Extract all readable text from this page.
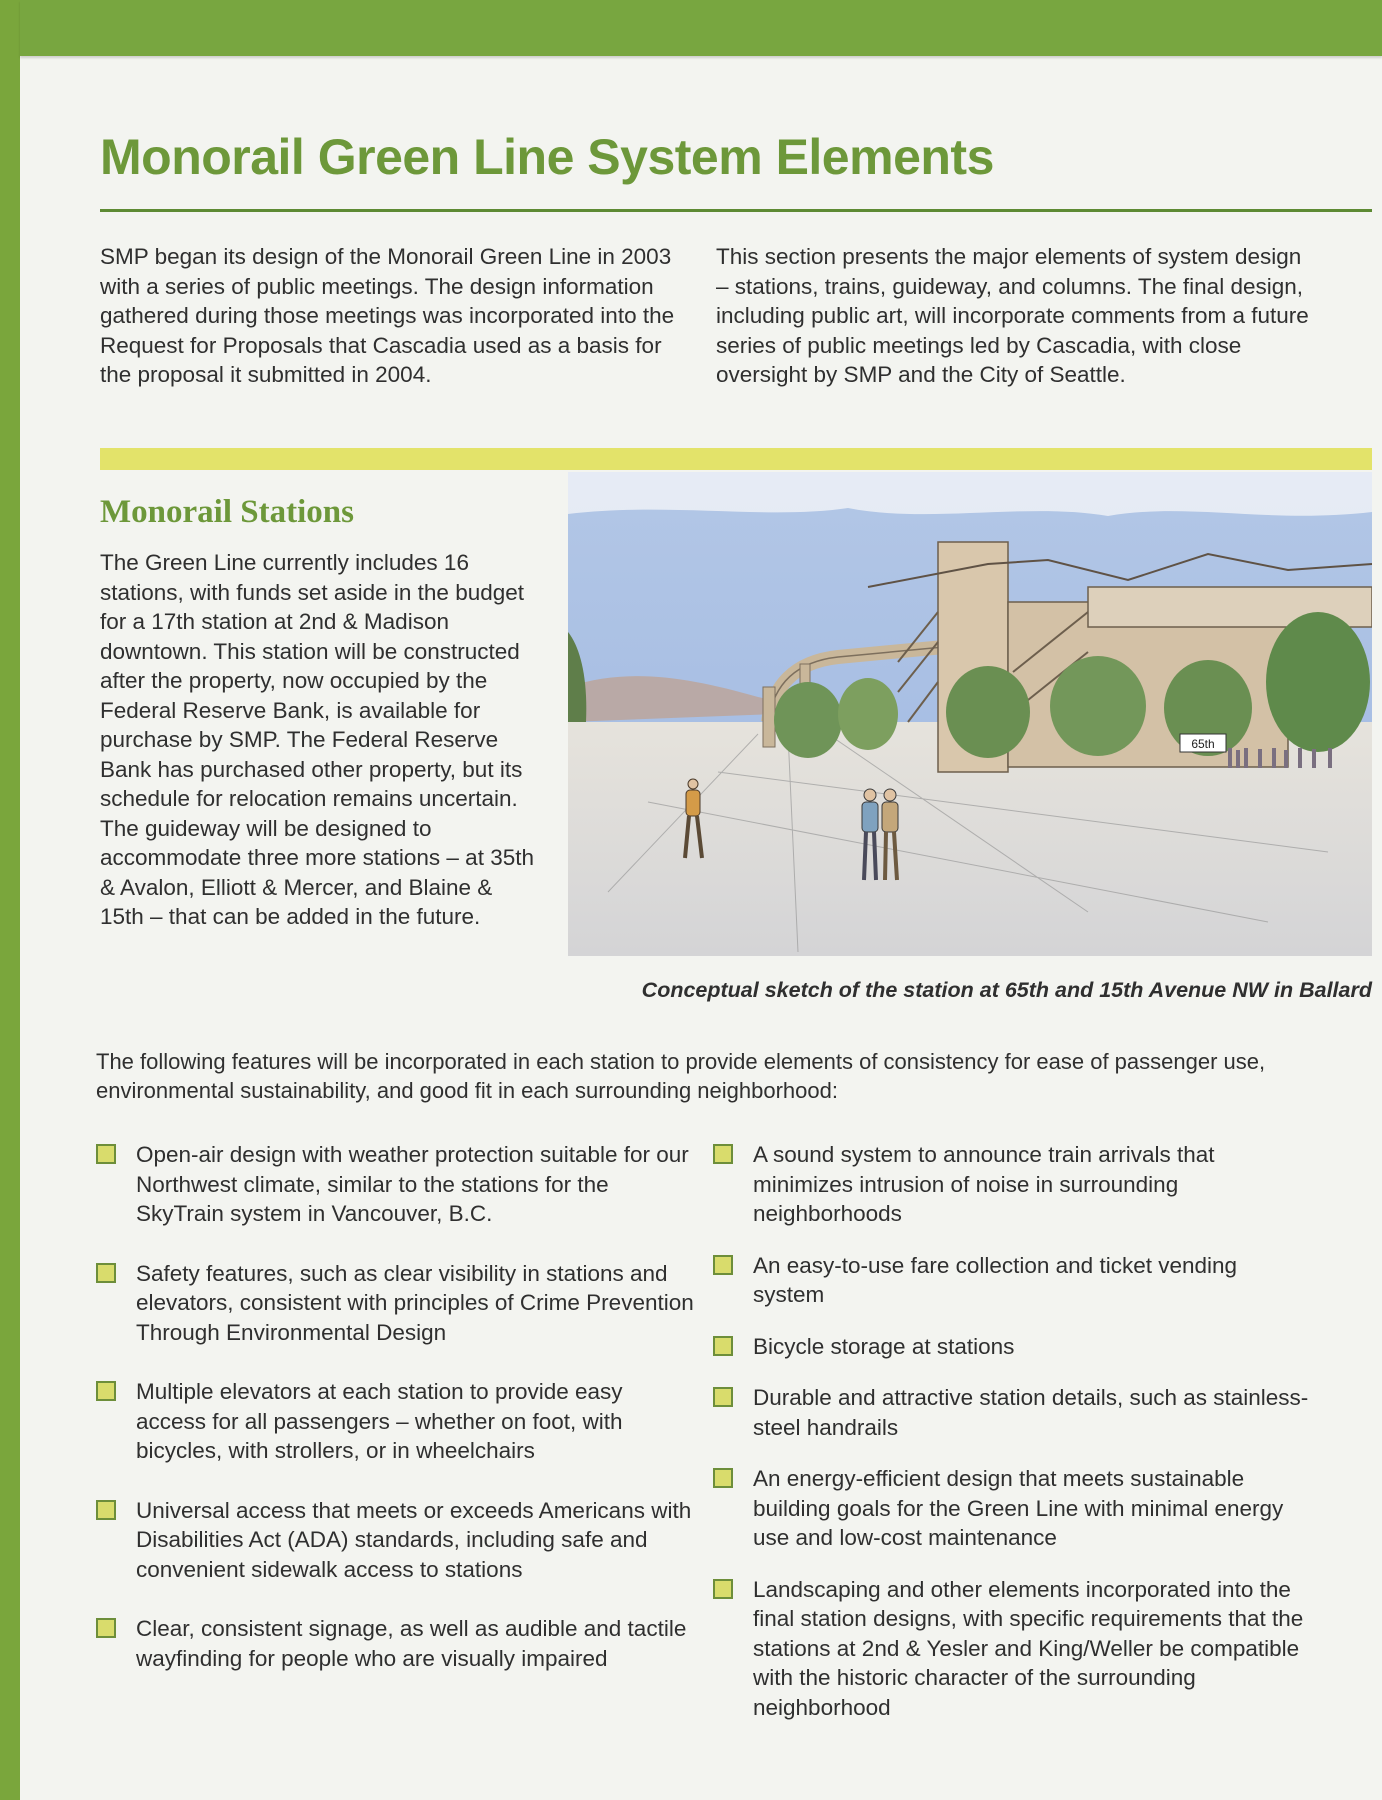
Monorail Green Line System Elements

SMP began its design of the Monorail Green Line in 2003 with a series of public meetings. The design information gathered during those meetings was incorporated into the Request for Proposals that Cascadia used as a basis for the proposal it submitted in 2004.

This section presents the major elements of system design – stations, trains, guideway, and columns. The final design, including public art, will incorporate comments from a future series of public meetings led by Cascadia, with close oversight by SMP and the City of Seattle.

Monorail Stations

The Green Line currently includes 16 stations, with funds set aside in the budget for a 17th station at 2nd & Madison downtown. This station will be constructed after the property, now occupied by the Federal Reserve Bank, is available for purchase by SMP. The Federal Reserve Bank has purchased other property, but its schedule for relocation remains uncertain. The guideway will be designed to accommodate three more stations – at 35th & Avalon, Elliott & Mercer, and Blaine & 15th – that can be added in the future.

65th

Conceptual sketch of the station at 65th and 15th Avenue NW in Ballard

The following features will be incorporated in each station to provide elements of consistency for ease of passenger use, environmental sustainability, and good fit in each surrounding neighborhood:

Open-air design with weather protection suitable for our Northwest climate, similar to the stations for the SkyTrain system in Vancouver, B.C.
Safety features, such as clear visibility in stations and elevators, consistent with principles of Crime Prevention Through Environmental Design
Multiple elevators at each station to provide easy access for all passengers – whether on foot, with bicycles, with strollers, or in wheelchairs
Universal access that meets or exceeds Americans with Disabilities Act (ADA) standards, including safe and convenient sidewalk access to stations
Clear, consistent signage, as well as audible and tactile wayfinding for people who are visually impaired
A sound system to announce train arrivals that minimizes intrusion of noise in surrounding neighborhoods
An easy-to-use fare collection and ticket vending system
Bicycle storage at stations
Durable and attractive station details, such as stainless-steel handrails
An energy-efficient design that meets sustainable building goals for the Green Line with minimal energy use and low-cost maintenance
Landscaping and other elements incorporated into the final station designs, with specific requirements that the stations at 2nd & Yesler and King/Weller be compatible with the historic character of the surrounding neighborhood
